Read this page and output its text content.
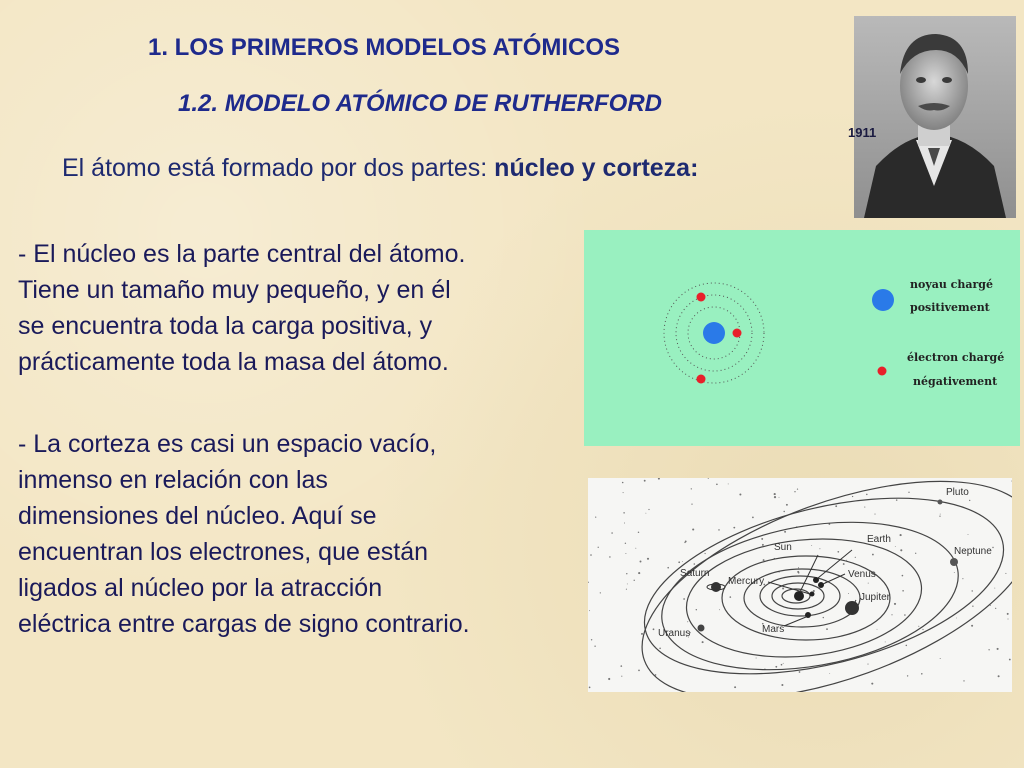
1. LOS PRIMEROS MODELOS ATÓMICOS
1.2. MODELO ATÓMICO DE RUTHERFORD
1911
El átomo está formado por dos partes: núcleo y corteza:
- El núcleo es la parte central del átomo.
Tiene un tamaño muy pequeño, y en él
se encuentra toda la carga positiva, y
prácticamente toda la masa del átomo.
- La corteza es casi un espacio vacío,
inmenso en relación con las
dimensiones del núcleo. Aquí se
encuentran los electrones, que están
ligados al núcleo por la atracción
eléctrica entre cargas de signo contrario.
noyau chargé
positivement
électron chargé
négativement
Pluto
Earth
Sun	Neptune
Saturn
Mercury
Venus
Jupiter
Uranus	Mars
